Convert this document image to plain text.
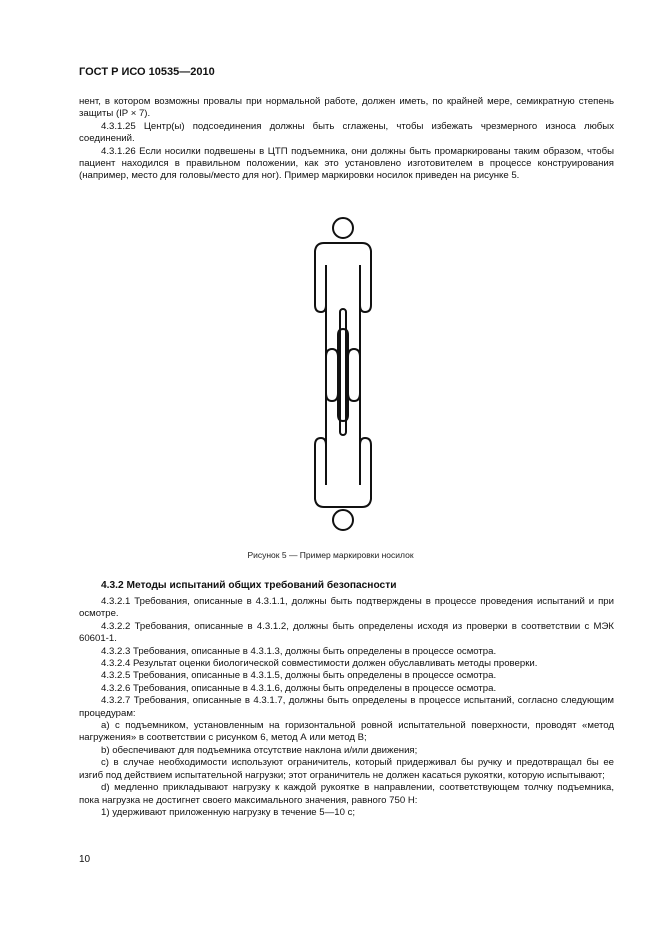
ГОСТ Р ИСО 10535—2010

нент, в котором возможны провалы при нормальной работе, должен иметь, по крайней мере, семикратную степень защиты (IP × 7).

4.3.1.25 Центр(ы) подсоединения должны быть сглажены, чтобы избежать чрезмерного износа любых соединений.

4.3.1.26 Если носилки подвешены в ЦТП подъемника, они должны быть промаркированы таким образом, чтобы пациент находился в правильном положении, как это установлено изготовителем в процессе конструирования (например, место для головы/место для ног). Пример маркировки носилок приведен на рисунке 5.

Рисунок 5 — Пример маркировки носилок
4.3.2 Методы испытаний общих требований безопасности

4.3.2.1 Требования, описанные в 4.3.1.1, должны быть подтверждены в процессе проведения испытаний и при осмотре.

4.3.2.2 Требования, описанные в 4.3.1.2, должны быть определены исходя из проверки в соответствии с МЭК 60601-1.

4.3.2.3 Требования, описанные в 4.3.1.3, должны быть определены в процессе осмотра.

4.3.2.4 Результат оценки биологической совместимости должен обуславливать методы проверки.

4.3.2.5 Требования, описанные в 4.3.1.5, должны быть определены в процессе осмотра.

4.3.2.6 Требования, описанные в 4.3.1.6, должны быть определены в процессе осмотра.

4.3.2.7 Требования, описанные в 4.3.1.7, должны быть определены в процессе испытаний, согласно следующим процедурам:

a) с подъемником, установленным на горизонтальной ровной испытательной поверхности, проводят «метод нагружения» в соответствии с рисунком 6, метод А или метод В;

b) обеспечивают для подъемника отсутствие наклона и/или движения;

c) в случае необходимости используют ограничитель, который придерживал бы ручку и предотвращал бы ее изгиб под действием испытательной нагрузки; этот ограничитель не должен касаться рукоятки, которую испытывают;

d) медленно прикладывают нагрузку к каждой рукоятке в направлении, соответствующем толчку подъемника, пока нагрузка не достигнет своего максимального значения, равного 750 Н:

1) удерживают приложенную нагрузку в течение 5—10 с;

10
